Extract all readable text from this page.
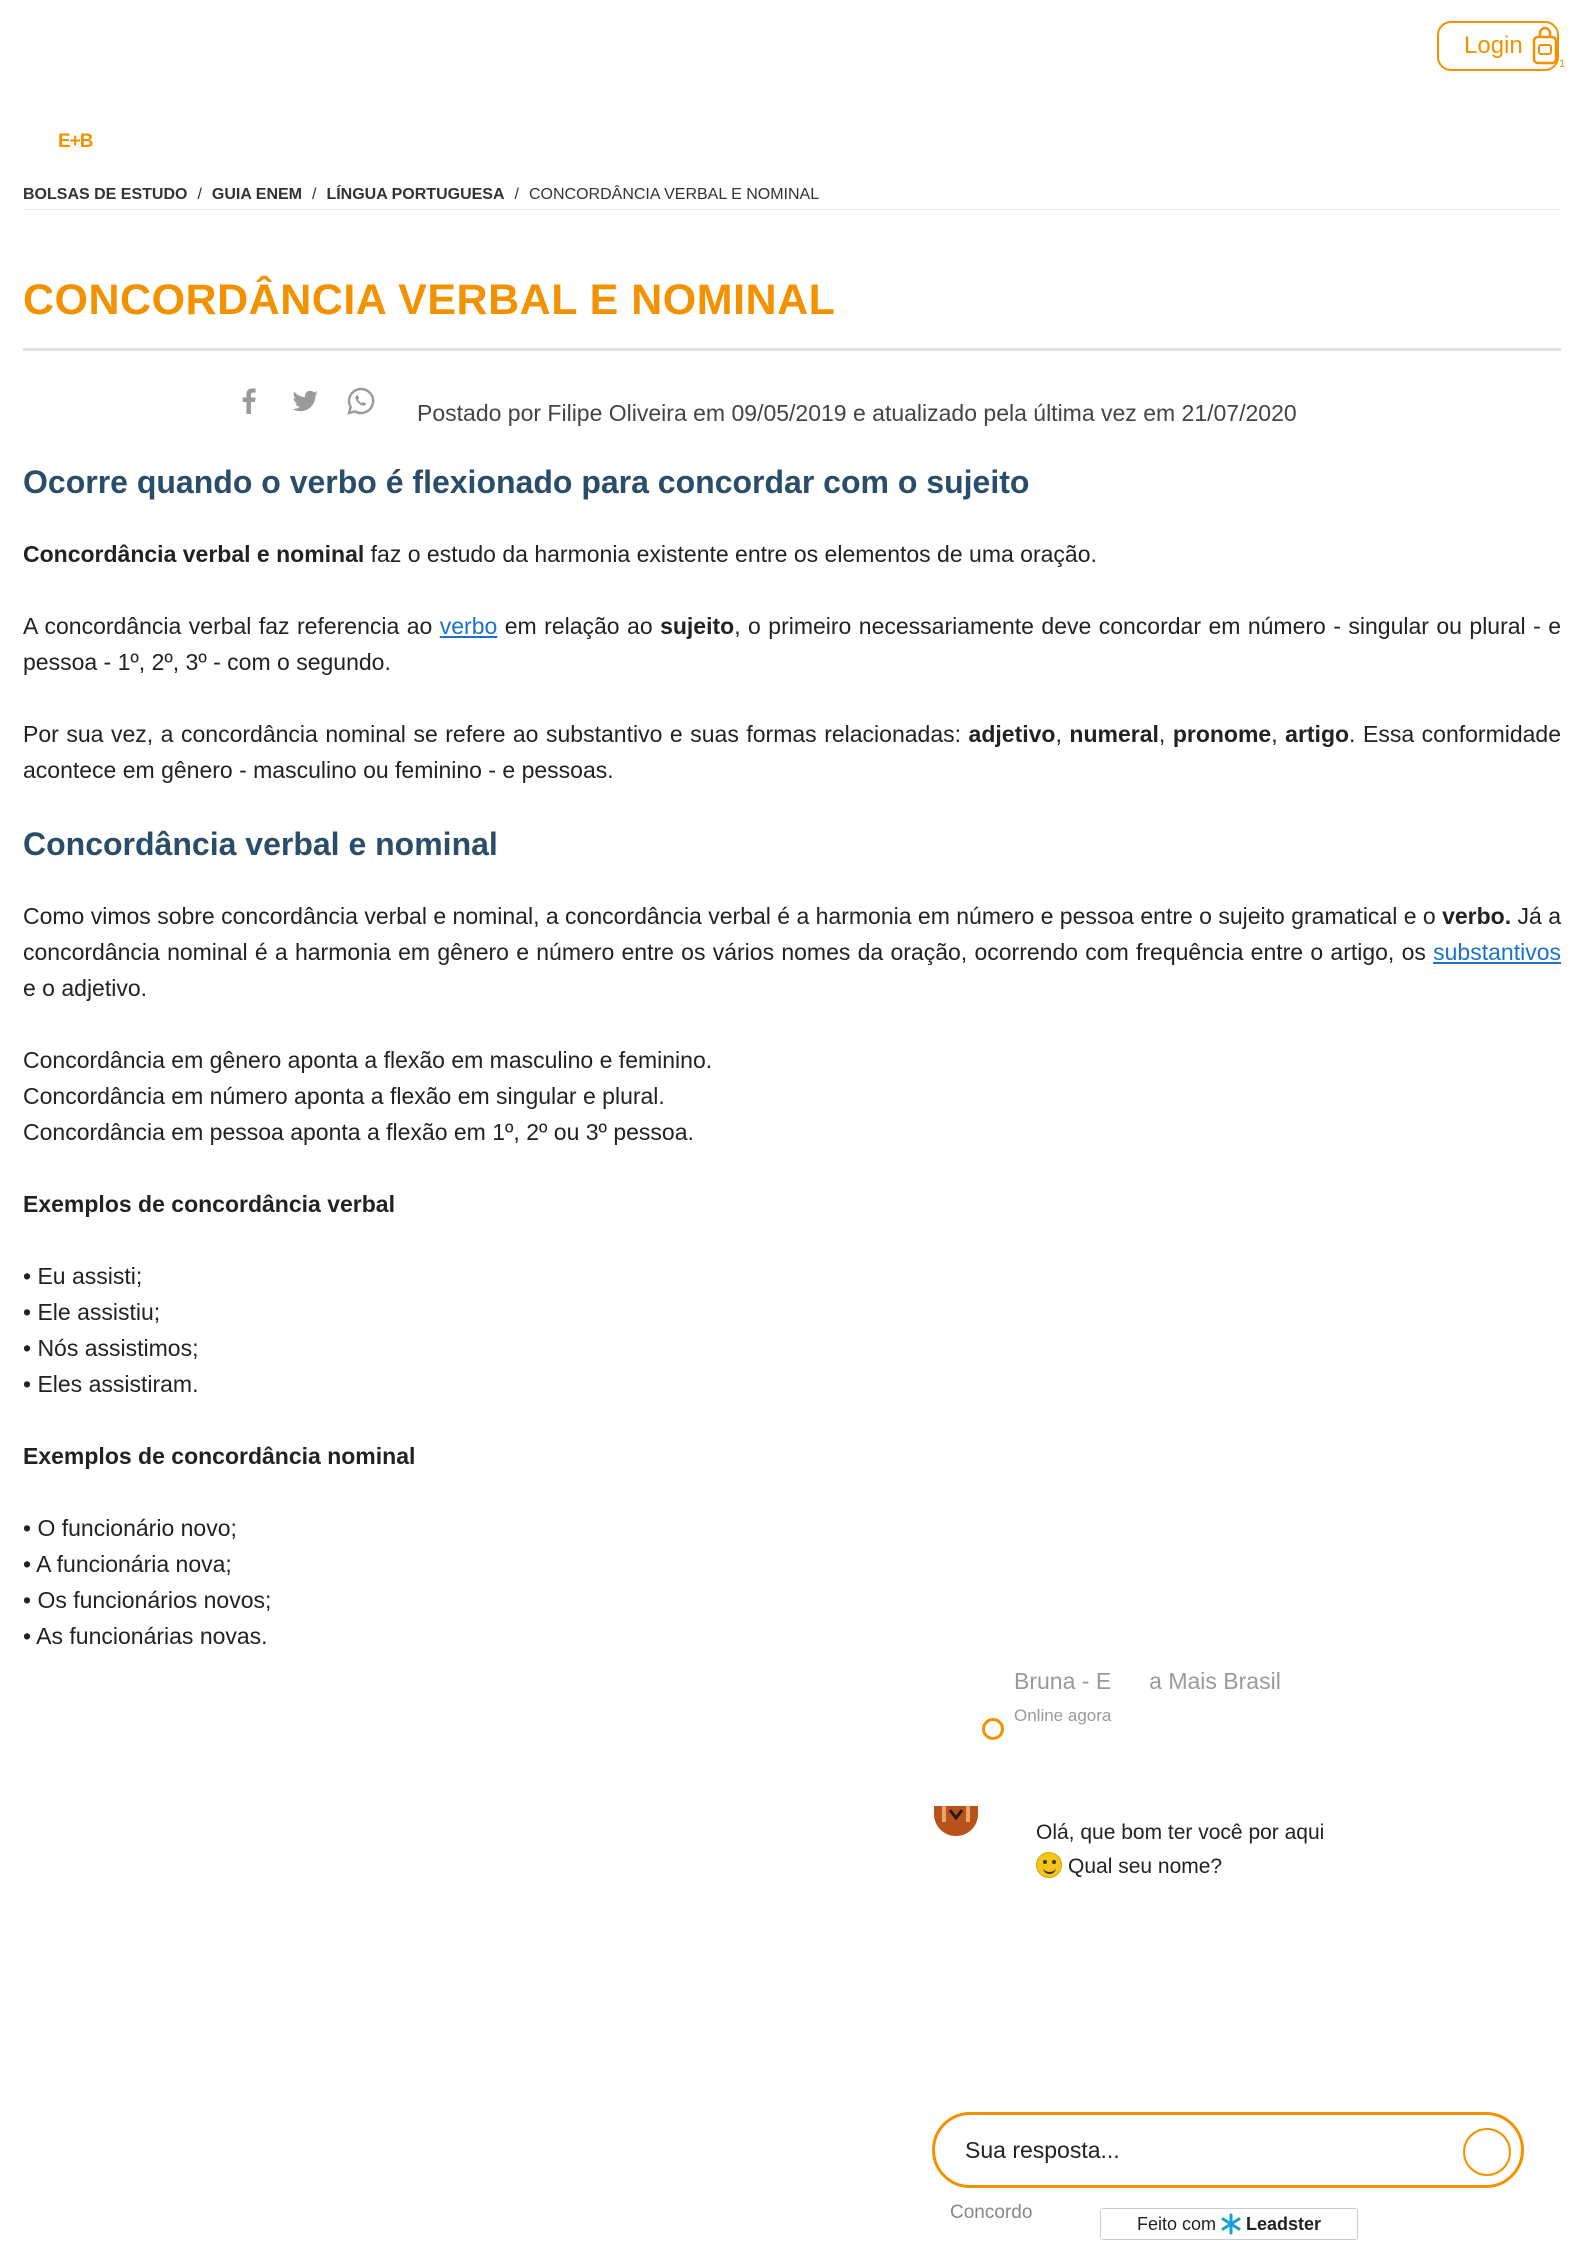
Login
1
E+B
BOLSAS DE ESTUDO / GUIA ENEM / LÍNGUA PORTUGUESA / CONCORDÂNCIA VERBAL E NOMINAL
CONCORDÂNCIA VERBAL E NOMINAL
Postado por Filipe Oliveira em 09/05/2019 e atualizado pela última vez em 21/07/2020
Ocorre quando o verbo é flexionado para concordar com o sujeito

Concordância verbal e nominal faz o estudo da harmonia existente entre os elementos de uma oração.

A concordância verbal faz referencia ao verbo em relação ao sujeito, o primeiro necessariamente deve concordar em número - singular ou plural - e pessoa - 1º, 2º, 3º - com o segundo.

Por sua vez, a concordância nominal se refere ao substantivo e suas formas relacionadas: adjetivo, numeral, pronome, artigo. Essa conformidade acontece em gênero - masculino ou feminino - e pessoas.

Concordância verbal e nominal

Como vimos sobre concordância verbal e nominal, a concordância verbal é a harmonia em número e pessoa entre o sujeito gramatical e o verbo. Já a concordância nominal é a harmonia em gênero e número entre os vários nomes da oração, ocorrendo com frequência entre o artigo, os substantivos e o adjetivo.

Concordância em gênero aponta a flexão em masculino e feminino.
Concordância em número aponta a flexão em singular e plural.
Concordância em pessoa aponta a flexão em 1º, 2º ou 3º pessoa.
Exemplos de concordância verbal
• Eu assisti;
• Ele assistiu;
• Nós assistimos;
• Eles assistiram.
Exemplos de concordância nominal
• O funcionário novo;
• A funcionária nova;
• Os funcionários novos;
• As funcionárias novas.
Bruna - E a Mais Brasil
Online agora
Olá, que bom ter você por aqui
Qual seu nome?
Sua resposta...
Concordo
Feito com Leadster
